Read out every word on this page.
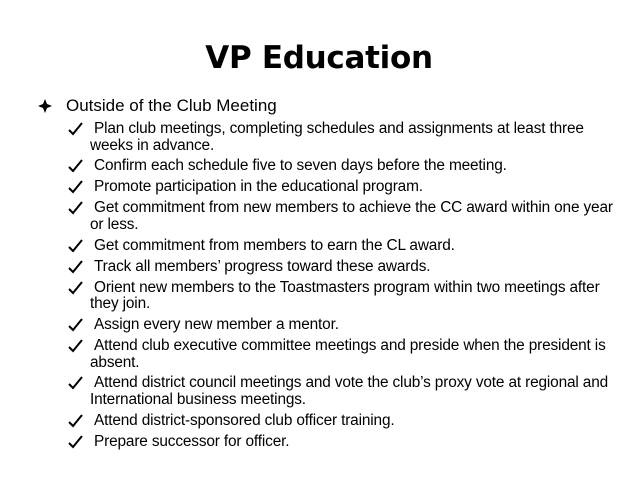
VP Education
Outside of the Club Meeting
Plan club meetings, completing schedules and assignments at least three weeks in advance.
Confirm each schedule five to seven days before the meeting.
Promote participation in the educational program.
Get commitment from new members to achieve the CC award within one year or less.
Get commitment from members to earn the CL award.
Track all members’ progress toward these awards.
Orient new members to the Toastmasters program within two meetings after they join.
Assign every new member a mentor.
Attend club executive committee meetings and preside when the president is absent.
Attend district council meetings and vote the club’s proxy vote at regional and International business meetings.
Attend district-sponsored club officer training.
Prepare successor for officer.
